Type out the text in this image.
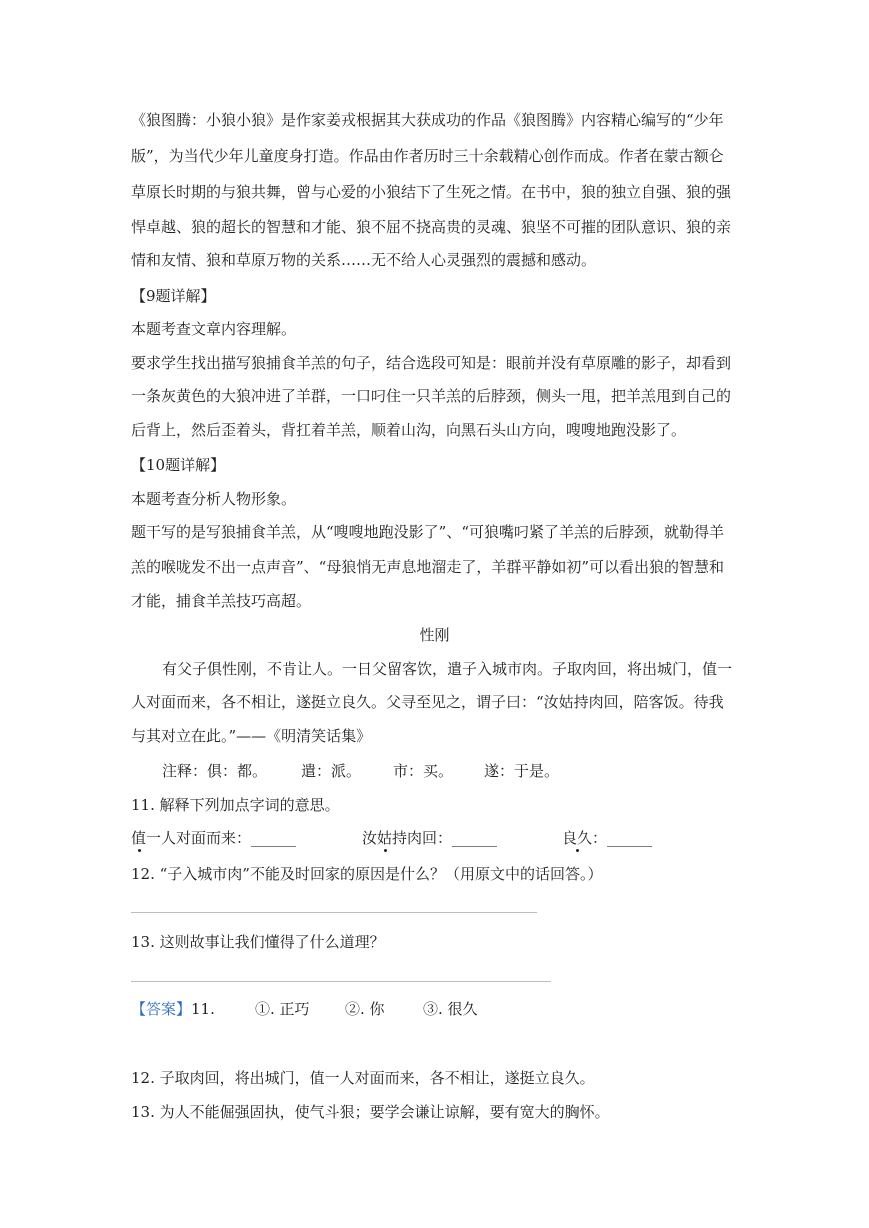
《狼图腾：小狼小狼》是作家姜戎根据其大获成功的作品《狼图腾》内容精心编写的“少年
版”，为当代少年儿童度身打造。作品由作者历时三十余载精心创作而成。作者在蒙古额仑
草原长时期的与狼共舞，曾与心爱的小狼结下了生死之情。在书中，狼的独立自强、狼的强
悍卓越、狼的超长的智慧和才能、狼不屈不挠高贵的灵魂、狼坚不可摧的团队意识、狼的亲
情和友情、狼和草原万物的关系……无不给人心灵强烈的震撼和感动。
【9题详解】
本题考查文章内容理解。
要求学生找出描写狼捕食羊羔的句子，结合选段可知是：眼前并没有草原雕的影子，却看到
一条灰黄色的大狼冲进了羊群，一口叼住一只羊羔的后脖颈，侧头一甩，把羊羔甩到自己的
后背上，然后歪着头，背扛着羊羔，顺着山沟，向黑石头山方向，嗖嗖地跑没影了。
【10题详解】
本题考查分析人物形象。
题干写的是写狼捕食羊羔，从“嗖嗖地跑没影了”、“可狼嘴叼紧了羊羔的后脖颈，就勒得羊
羔的喉咙发不出一点声音”、“母狼悄无声息地溜走了，羊群平静如初”可以看出狼的智慧和
才能，捕食羊羔技巧高超。
性刚
有父子俱性刚，不肯让人。一日父留客饮，遣子入城市肉。子取肉回，将出城门，值一
人对面而来，各不相让，遂挺立良久。父寻至见之，谓子曰：“汝姑持肉回，陪客饭。待我
与其对立在此。”——《明清笑话集》
注释：俱：都。 遣：派。 市：买。 遂：于是。
11. 解释下列加点字词的意思。
值一人对面而来：______	汝姑持肉回：______	良久：______
12. “子入城市肉”不能及时回家的原因是什么？（用原文中的话回答。）
13. 这则故事让我们懂得了什么道理？
【答案】11.	①. 正巧 ②. 你	③. 很久
12. 子取肉回，将出城门，值一人对面而来，各不相让，遂挺立良久。
13. 为人不能倔强固执，使气斗狠；要学会谦让谅解，要有宽大的胸怀。
